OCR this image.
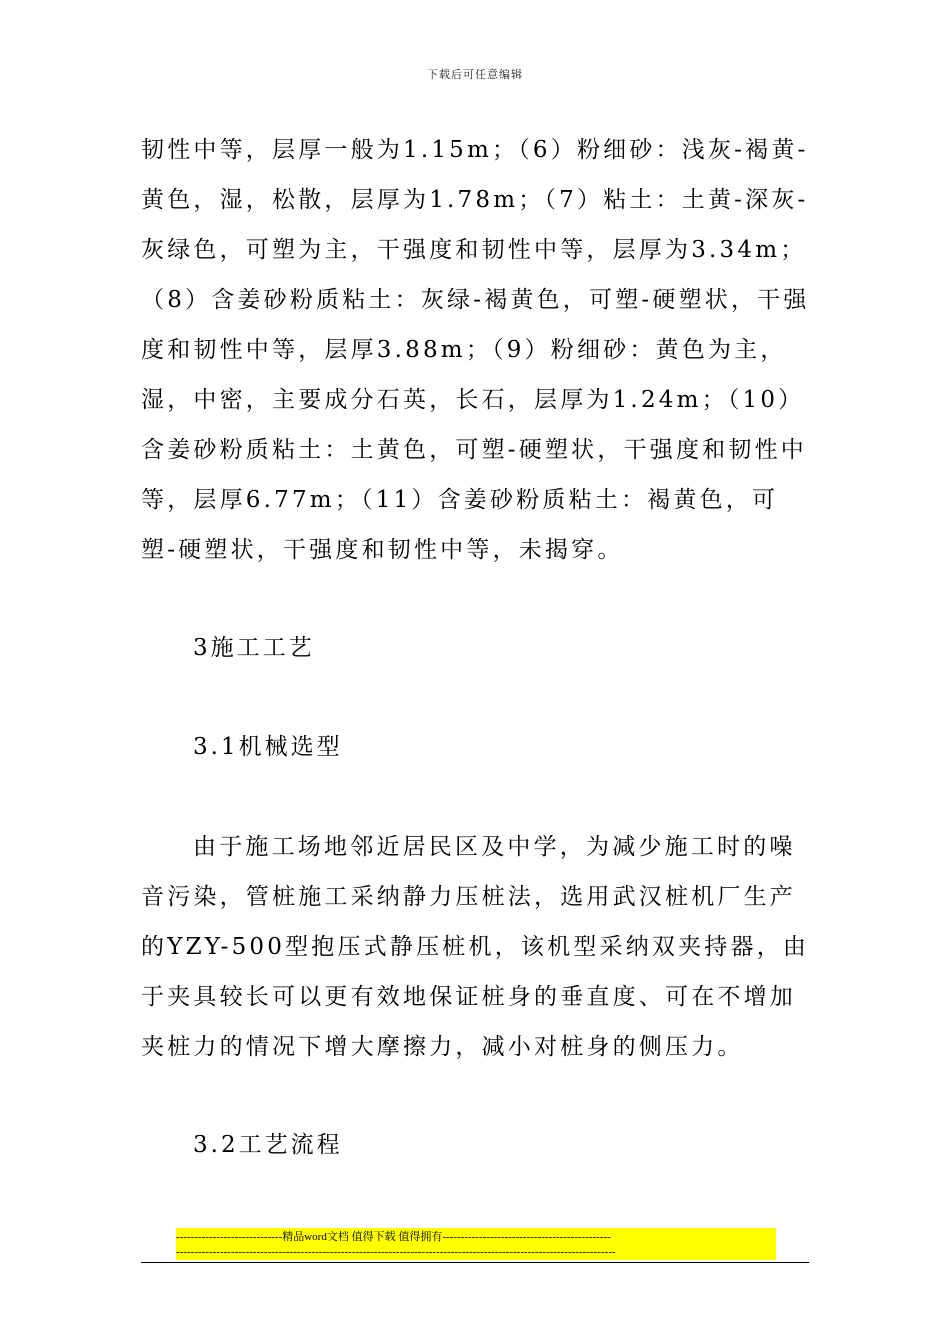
下载后可任意编辑

韧性中等，层厚一般为1.15m；（6）粉细砂：浅灰-褐黄-黄色，湿，松散，层厚为1.78m；（7）粘土：土黄-深灰-灰绿色，可塑为主，干强度和韧性中等，层厚为3.34m；（8）含姜砂粉质粘土：灰绿-褐黄色，可塑-硬塑状，干强度和韧性中等，层厚3.88m；（9）粉细砂：黄色为主，湿，中密，主要成分石英，长石，层厚为1.24m；（10）含姜砂粉质粘土：土黄色，可塑-硬塑状，干强度和韧性中等，层厚6.77m；（11）含姜砂粉质粘土：褐黄色，可塑-硬塑状，干强度和韧性中等，未揭穿。

3施工工艺

3.1机械选型

由于施工场地邻近居民区及中学，为减少施工时的噪音污染，管桩施工采纳静力压桩法，选用武汉桩机厂生产的YZY-500型抱压式静压桩机，该机型采纳双夹持器，由于夹具较长可以更有效地保证桩身的垂直度、可在不增加夹桩力的情况下增大摩擦力，减小对桩身的侧压力。

3.2工艺流程

-----------------------------精品word文档 值得下载 值得拥有----------------------------------------------
------------------------------------------------------------------------------------------------------------------------
